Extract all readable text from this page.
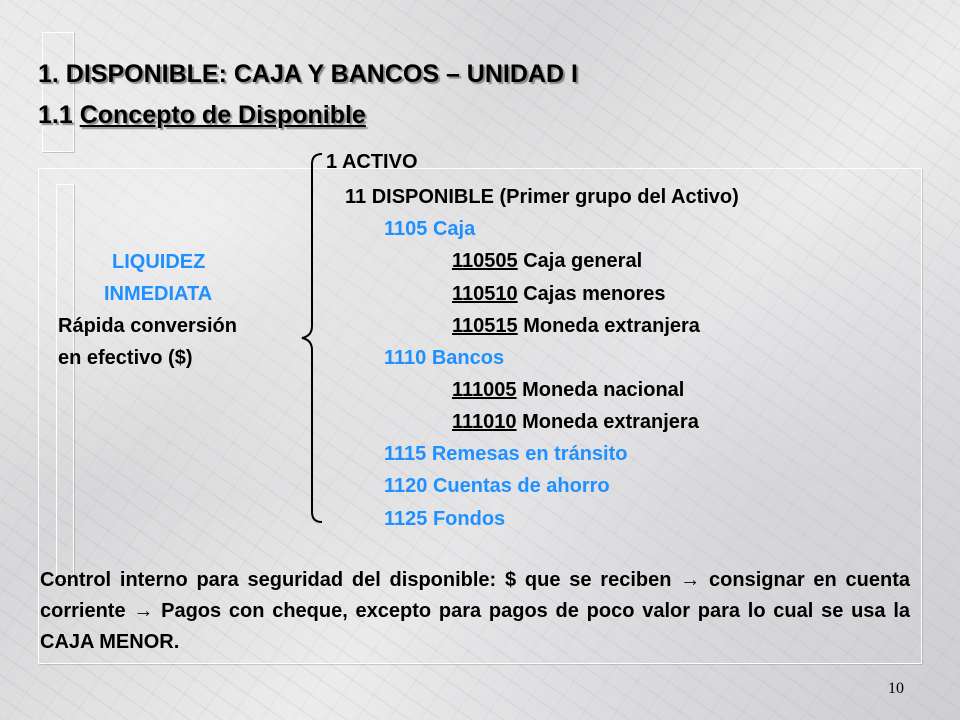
1. DISPONIBLE: CAJA Y BANCOS – UNIDAD I
1.1 Concepto de Disponible
LIQUIDEZ
INMEDIATA
Rápida conversión
en efectivo ($)
1 ACTIVO
11 DISPONIBLE (Primer grupo del Activo)
1105 Caja
110505 Caja general
110510 Cajas menores
110515 Moneda extranjera
1110 Bancos
111005 Moneda nacional
111010 Moneda extranjera
1115 Remesas en tránsito
1120 Cuentas de ahorro
1125 Fondos
Control interno para seguridad del disponible: $ que se reciben → consignar en cuenta corriente → Pagos con cheque, excepto para pagos de poco valor para lo cual se usa la CAJA MENOR.
10
